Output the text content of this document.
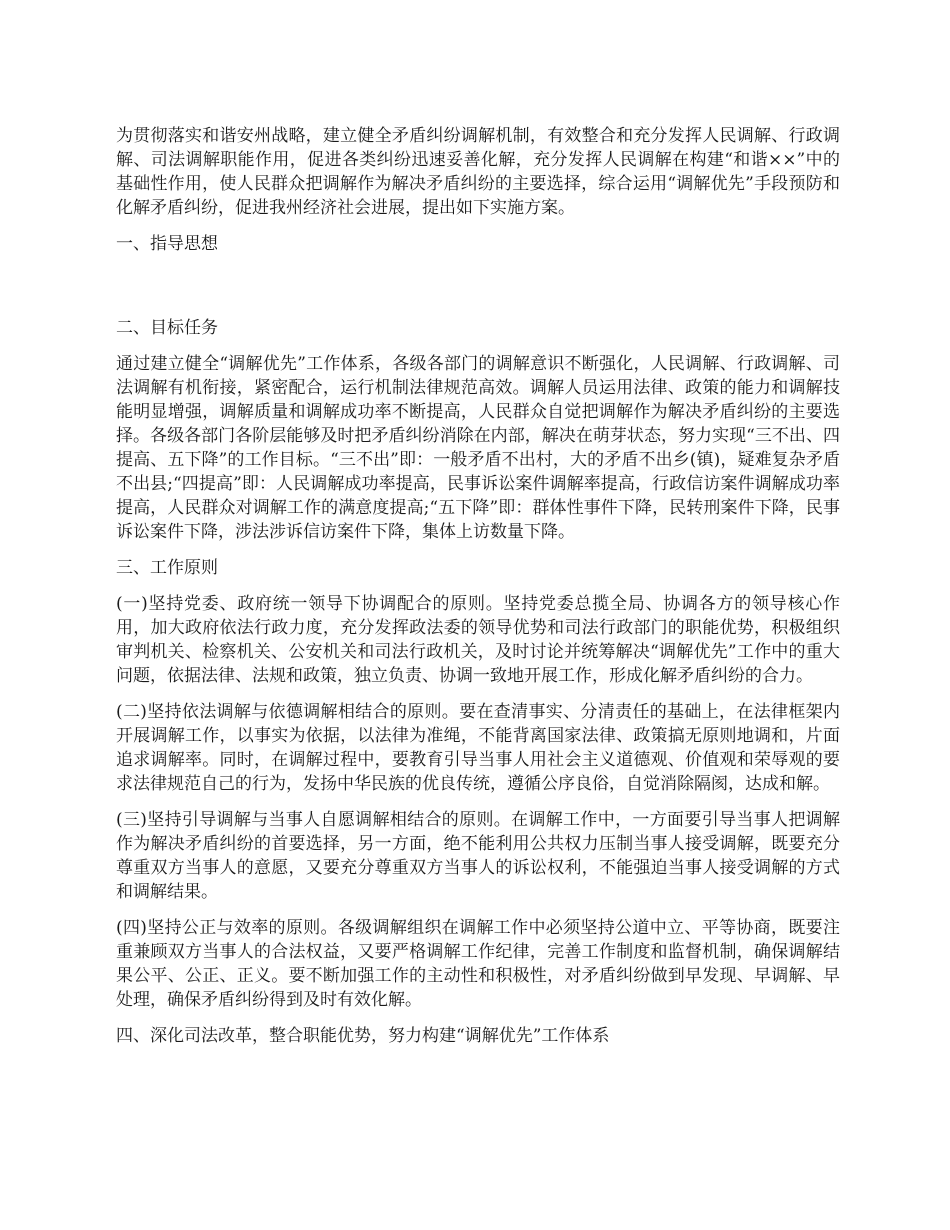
为贯彻落实和谐安州战略，建立健全矛盾纠纷调解机制，有效整合和充分发挥人民调解、行政调解、司法调解职能作用，促进各类纠纷迅速妥善化解，充分发挥人民调解在构建“和谐××”中的基础性作用，使人民群众把调解作为解决矛盾纠纷的主要选择，综合运用“调解优先”手段预防和化解矛盾纠纷，促进我州经济社会进展，提出如下实施方案。

一、指导思想

二、目标任务

通过建立健全“调解优先”工作体系，各级各部门的调解意识不断强化，人民调解、行政调解、司法调解有机衔接，紧密配合，运行机制法律规范高效。调解人员运用法律、政策的能力和调解技能明显增强，调解质量和调解成功率不断提高，人民群众自觉把调解作为解决矛盾纠纷的主要选择。各级各部门各阶层能够及时把矛盾纠纷消除在内部，解决在萌芽状态，努力实现“三不出、四提高、五下降”的工作目标。“三不出”即：一般矛盾不出村，大的矛盾不出乡(镇)，疑难复杂矛盾不出县;“四提高”即：人民调解成功率提高，民事诉讼案件调解率提高，行政信访案件调解成功率提高，人民群众对调解工作的满意度提高;“五下降”即：群体性事件下降，民转刑案件下降，民事诉讼案件下降，涉法涉诉信访案件下降，集体上访数量下降。

三、工作原则

(一)坚持党委、政府统一领导下协调配合的原则。坚持党委总揽全局、协调各方的领导核心作用，加大政府依法行政力度，充分发挥政法委的领导优势和司法行政部门的职能优势，积极组织审判机关、检察机关、公安机关和司法行政机关，及时讨论并统筹解决“调解优先”工作中的重大问题，依据法律、法规和政策，独立负责、协调一致地开展工作，形成化解矛盾纠纷的合力。

(二)坚持依法调解与依德调解相结合的原则。要在查清事实、分清责任的基础上，在法律框架内开展调解工作，以事实为依据，以法律为准绳，不能背离国家法律、政策搞无原则地调和，片面追求调解率。同时，在调解过程中，要教育引导当事人用社会主义道德观、价值观和荣辱观的要求法律规范自己的行为，发扬中华民族的优良传统，遵循公序良俗，自觉消除隔阂，达成和解。

(三)坚持引导调解与当事人自愿调解相结合的原则。在调解工作中，一方面要引导当事人把调解作为解决矛盾纠纷的首要选择，另一方面，绝不能利用公共权力压制当事人接受调解，既要充分尊重双方当事人的意愿，又要充分尊重双方当事人的诉讼权利，不能强迫当事人接受调解的方式和调解结果。

(四)坚持公正与效率的原则。各级调解组织在调解工作中必须坚持公道中立、平等协商，既要注重兼顾双方当事人的合法权益，又要严格调解工作纪律，完善工作制度和监督机制，确保调解结果公平、公正、正义。要不断加强工作的主动性和积极性，对矛盾纠纷做到早发现、早调解、早处理，确保矛盾纠纷得到及时有效化解。

四、深化司法改革，整合职能优势，努力构建“调解优先”工作体系
